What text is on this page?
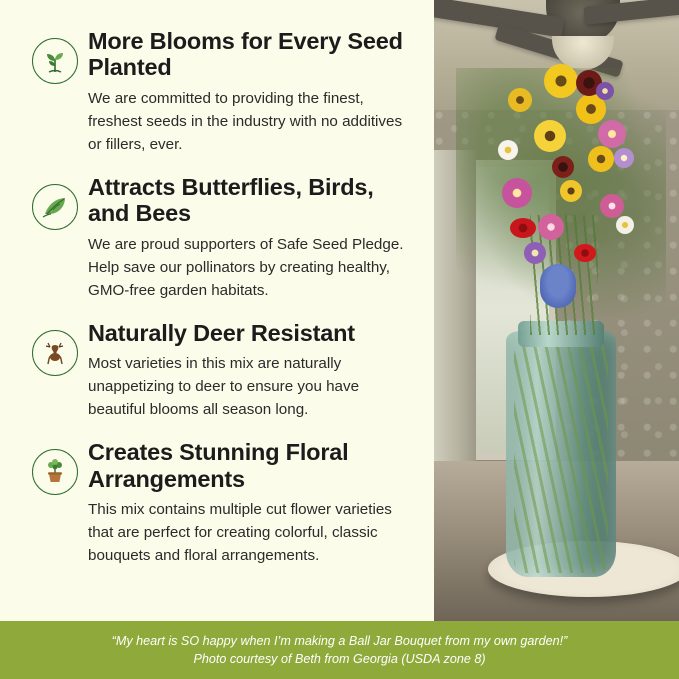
More Blooms for Every Seed Planted
We are committed to providing the finest, freshest seeds in the industry with no additives or fillers, ever.
Attracts Butterflies, Birds, and Bees
We are proud supporters of Safe Seed Pledge. Help save our pollinators by creating healthy, GMO-free garden habitats.
Naturally Deer Resistant
Most varieties in this mix are naturally unappetizing to deer to ensure you have beautiful blooms all season long.
Creates Stunning Floral Arrangements
This mix contains multiple cut flower varieties that are perfect for creating colorful, classic bouquets and floral arrangements.
“My heart is SO happy when I’m making a Ball Jar Bouquet from my own garden!”
Photo courtesy of Beth from Georgia (USDA zone 8)
